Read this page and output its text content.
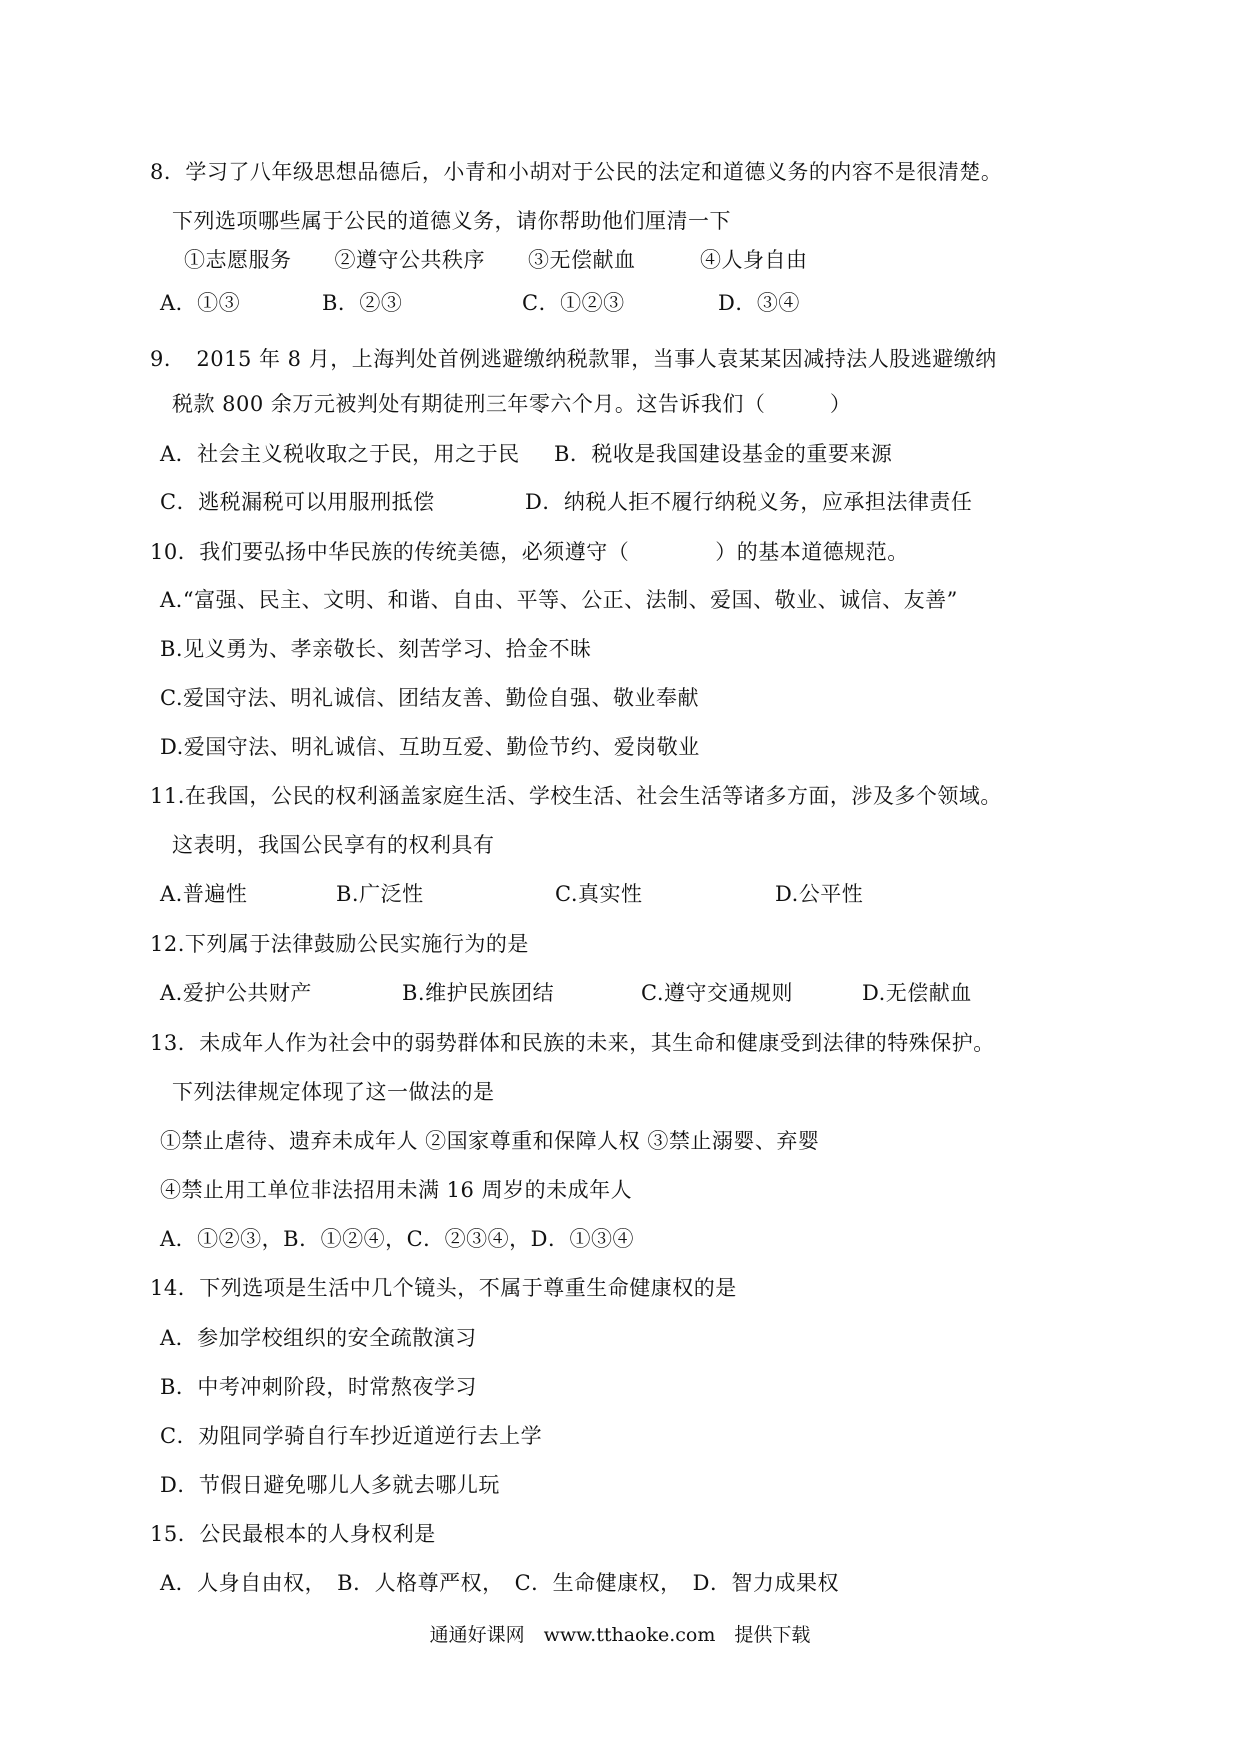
8．学习了八年级思想品德后，小青和小胡对于公民的法定和道德义务的内容不是很清楚。
下列选项哪些属于公民的道德义务，请你帮助他们厘清一下
①志愿服务　　②遵守公共秩序　　③无偿献血　　　④人身自由
A．①③	B．②③	C．①②③	D．③④
9．　2015 年 8 月，上海判处首例逃避缴纳税款罪，当事人袁某某因减持法人股逃避缴纳
税款 800 余万元被判处有期徒刑三年零六个月。这告诉我们（　　　）
A．社会主义税收取之于民，用之于民 B．税收是我国建设基金的重要来源
C．逃税漏税可以用服刑抵偿	D．纳税人拒不履行纳税义务，应承担法律责任
10．我们要弘扬中华民族的传统美德，必须遵守（　　　　）的基本道德规范。
A.“富强、民主、文明、和谐、自由、平等、公正、法制、爱国、敬业、诚信、友善”
B.见义勇为、孝亲敬长、刻苦学习、拾金不昧
C.爱国守法、明礼诚信、团结友善、勤俭自强、敬业奉献
D.爱国守法、明礼诚信、互助互爱、勤俭节约、爱岗敬业
11.在我国，公民的权利涵盖家庭生活、学校生活、社会生活等诸多方面，涉及多个领域。
这表明，我国公民享有的权利具有
A.普遍性	B.广泛性	C.真实性	D.公平性
12.下列属于法律鼓励公民实施行为的是
A.爱护公共财产	B.维护民族团结	C.遵守交通规则	D.无偿献血
13．未成年人作为社会中的弱势群体和民族的未来，其生命和健康受到法律的特殊保护。
下列法律规定体现了这一做法的是
①禁止虐待、遗弃未成年人 ②国家尊重和保障人权 ③禁止溺婴、弃婴
④禁止用工单位非法招用未满 16 周岁的未成年人
A．①②③，B．①②④，C．②③④，D．①③④
14．下列选项是生活中几个镜头，不属于尊重生命健康权的是
A．参加学校组织的安全疏散演习
B．中考冲刺阶段，时常熬夜学习
C．劝阻同学骑自行车抄近道逆行去上学
D．节假日避免哪儿人多就去哪儿玩
15．公民最根本的人身权利是
A．人身自由权，　B．人格尊严权，　C．生命健康权，　D．智力成果权
通通好课网　www.tthaoke.com　提供下载
